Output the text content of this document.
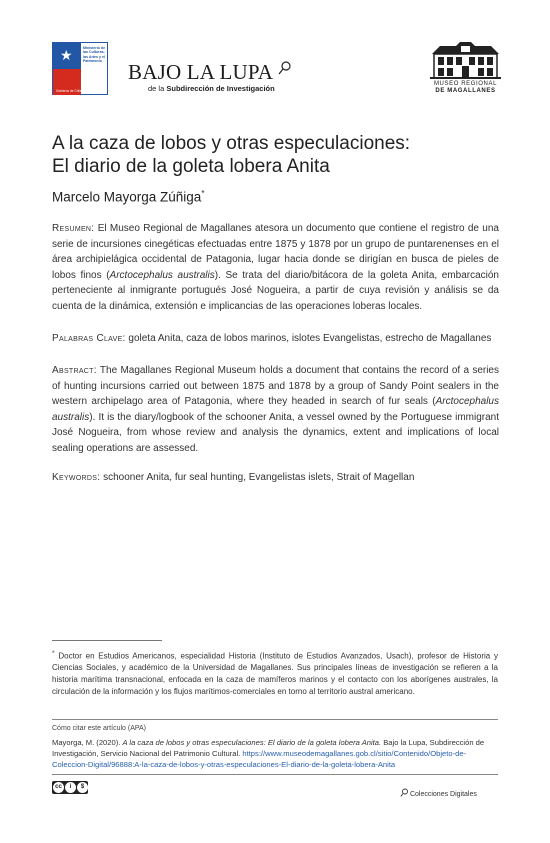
★	Ministerio de las Culturas, las Artes y el Patrimonio
Gobierno de Chile
BAJO LA LUPA
de la Subdirección de Investigación	MUSEO REGIONAL
DE MAGALLANES
A la caza de lobos y otras especulaciones:
El diario de la goleta lobera Anita
Marcelo Mayorga Zúñiga*
Resumen: El Museo Regional de Magallanes atesora un documento que contiene el registro de una serie de incursiones cinegéticas efectuadas entre 1875 y 1878 por un grupo de puntarenenses en el área archipielágica occidental de Patagonia, lugar hacia donde se dirigían en busca de pieles de lobos finos (Arctocephalus australis). Se trata del diario/bitácora de la goleta Anita, embarcación perteneciente al inmigrante portugués José Nogueira, a partir de cuya revisión y análisis se da cuenta de la dinámica, extensión e implicancias de las operaciones loberas locales.
Palabras Clave: goleta Anita, caza de lobos marinos, islotes Evangelistas, estrecho de Magallanes
Abstract: The Magallanes Regional Museum holds a document that contains the record of a series of hunting incursions carried out between 1875 and 1878 by a group of Sandy Point sealers in the western archipelago area of Patagonia, where they headed in search of fur seals (Arctocephalus australis). It is the diary/logbook of the schooner Anita, a vessel owned by the Portuguese immigrant José Nogueira, from whose review and analysis the dynamics, extent and implications of local sealing operations are assessed.
Keywords: schooner Anita, fur seal hunting, Evangelistas islets, Strait of Magellan
* Doctor en Estudios Americanos, especialidad Historia (Instituto de Estudios Avanzados, Usach), profesor de Historia y Ciencias Sociales, y académico de la Universidad de Magallanes. Sus principales líneas de investigación se refieren a la historia marítima transnacional, enfocada en la caza de mamíferos marinos y el contacto con los aborígenes australes, la circulación de la información y los flujos marítimos-comerciales en torno al territorio austral americano.
Cómo citar este artículo (APA)
Mayorga, M. (2020). A la caza de lobos y otras especulaciones: El diario de la goleta lobera Anita. Bajo la Lupa, Subdirección de Investigación, Servicio Nacional del Patrimonio Cultural. https://www.museodemagallanes.gob.cl/sitio/Contenido/Objeto-de-Coleccion-Digital/96888:A-la-caza-de-lobos-y-otras-especulaciones-El-diario-de-la-goleta-lobera-Anita
cc	i	$
Colecciones Digitales
